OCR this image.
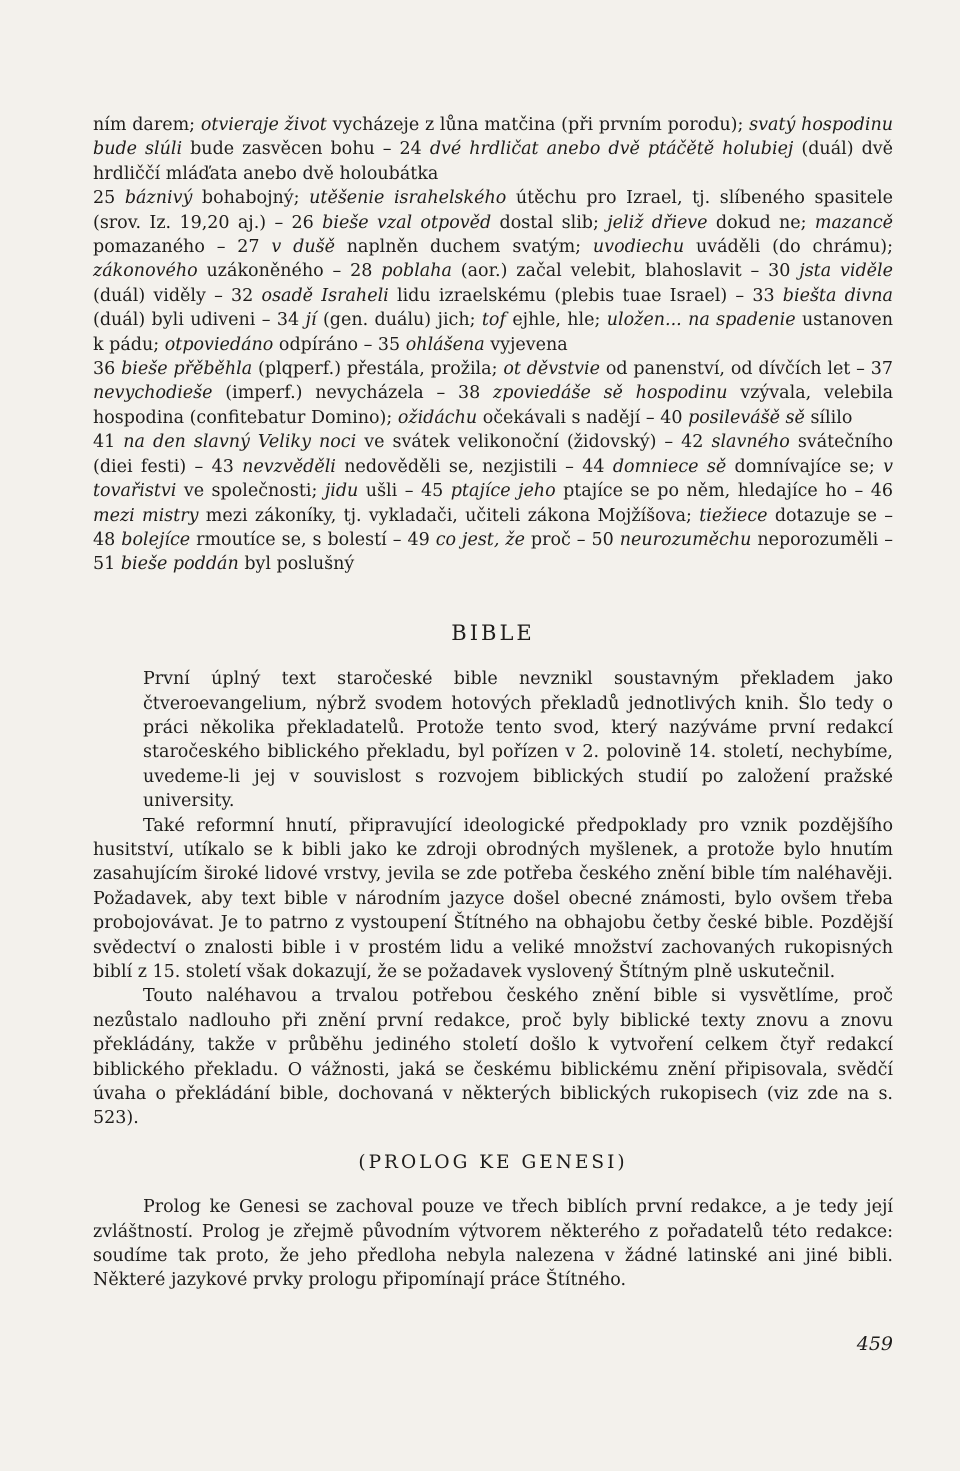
ním darem; otvieraje život vycházeje z lůna matčina (při prvním porodu); svatý hospodinu bude slúli bude zasvěcen bohu – 24 dvé hrdličat anebo dvě ptáčětě holubiej (duál) dvě hrdliččí mláďata anebo dvě holoubátka

25 báznivý bohabojný; utěšenie israhelského útěchu pro Izrael, tj. slíbeného spasitele (srov. Iz. 19,20 aj.) – 26 bieše vzal otpověd dostal slib; jeliž dřieve dokud ne; mazancě pomazaného – 27 v dušě naplněn duchem svatým; uvodiechu uváděli (do chrámu); zákonového uzákoněného – 28 poblaha (aor.) začal velebit, blahoslavit – 30 jsta viděle (duál) viděly – 32 osadě Israheli lidu izraelskému (plebis tuae Israel) – 33 biešta divna (duál) byli udiveni – 34 jí (gen. duálu) jich; tof ejhle, hle; uložen... na spadenie ustanoven k pádu; otpoviedáno odpíráno – 35 ohlášena vyjevena

36 bieše přěběhla (plqperf.) přestála, prožila; ot děvstvie od panenství, od dívčích let – 37 nevychodieše (imperf.) nevycházela – 38 zpoviedáše sě hospodinu vzývala, velebila hospodina (confitebatur Domino); ožidáchu očekávali s nadějí – 40 posilevášě sě sílilo

41 na den slavný Veliky noci ve svátek velikonoční (židovský) – 42 slavného svátečního (diei festi) – 43 nevzvěděli nedověděli se, nezjistili – 44 domniece sě domnívajíce se; v tovařistvi ve společnosti; jidu ušli – 45 ptajíce jeho ptajíce se po něm, hledajíce ho – 46 mezi mistry mezi zákoníky, tj. vykladači, učiteli zákona Mojžíšova; tiežiece dotazuje se – 48 bolejíce rmoutíce se, s bolestí – 49 co jest, že proč – 50 neurozuměchu neporozuměli – 51 bieše poddán byl poslušný

BIBLE

První úplný text staročeské bible nevznikl soustavným překladem jako čtveroevangelium, nýbrž svodem hotových překladů jednotlivých knih. Šlo tedy o práci několika překladatelů. Protože tento svod, který nazýváme první redakcí staročeského biblického překladu, byl pořízen v 2. polovině 14. století, nechybíme, uvedeme-li jej v souvislost s rozvojem biblických studií po založení pražské university.

Také reformní hnutí, připravující ideologické předpoklady pro vznik pozdějšího husitství, utíkalo se k bibli jako ke zdroji obrodných myšlenek, a protože bylo hnutím zasahujícím široké lidové vrstvy, jevila se zde potřeba českého znění bible tím naléhavěji. Požadavek, aby text bible v národním jazyce došel obecné známosti, bylo ovšem třeba probojovávat. Je to patrno z vystoupení Štítného na obhajobu četby české bible. Pozdější svědectví o znalosti bible i v prostém lidu a veliké množství zachovaných rukopisných biblí z 15. století však dokazují, že se požadavek vyslovený Štítným plně uskutečnil.

Touto naléhavou a trvalou potřebou českého znění bible si vysvětlíme, proč nezůstalo nadlouho při znění první redakce, proč byly biblické texty znovu a znovu překládány, takže v průběhu jediného století došlo k vytvoření celkem čtyř redakcí biblického překladu. O vážnosti, jaká se českému biblickému znění připisovala, svědčí úvaha o překládání bible, dochovaná v některých biblických rukopisech (viz zde na s. 523).

(PROLOG KE GENESI)

Prolog ke Genesi se zachoval pouze ve třech biblích první redakce, a je tedy její zvláštností. Prolog je zřejmě původním výtvorem některého z pořadatelů této redakce: soudíme tak proto, že jeho předloha nebyla nalezena v žádné latinské ani jiné bibli. Některé jazykové prvky prologu připomínají práce Štítného.

459
